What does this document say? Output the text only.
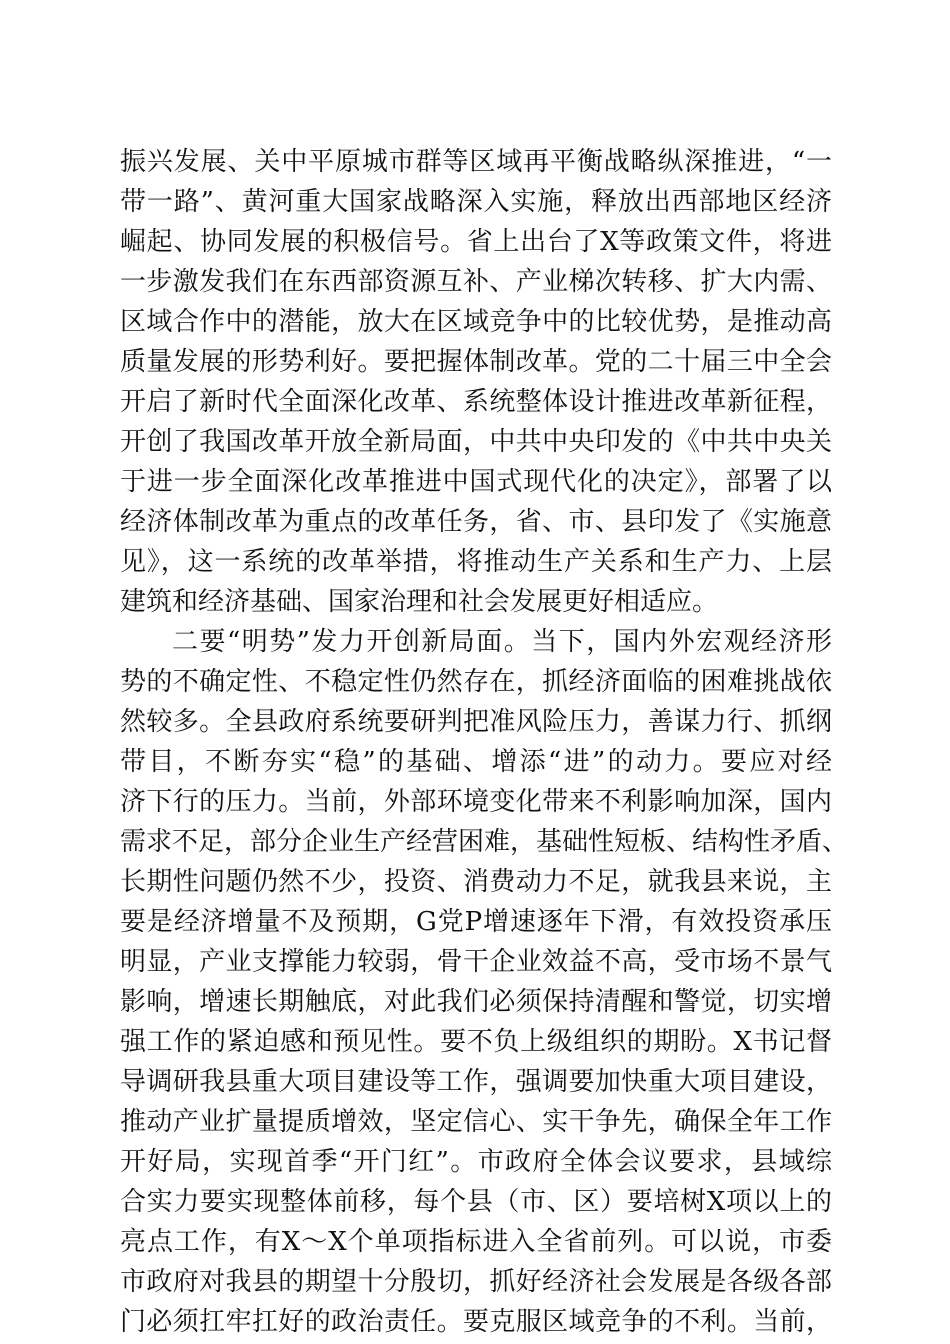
振兴发展、关中平原城市群等区域再平衡战略纵深推进，“一
带一路”、黄河重大国家战略深入实施，释放出西部地区经济
崛起、协同发展的积极信号。省上出台了X等政策文件，将进
一步激发我们在东西部资源互补、产业梯次转移、扩大内需、
区域合作中的潜能，放大在区域竞争中的比较优势，是推动高
质量发展的形势利好。要把握体制改革。党的二十届三中全会
开启了新时代全面深化改革、系统整体设计推进改革新征程，
开创了我国改革开放全新局面，中共中央印发的《中共中央关
于进一步全面深化改革推进中国式现代化的决定》，部署了以
经济体制改革为重点的改革任务，省、市、县印发了《实施意
见》，这一系统的改革举措，将推动生产关系和生产力、上层
建筑和经济基础、国家治理和社会发展更好相适应。
二要“明势”发力开创新局面。当下，国内外宏观经济形
势的不确定性、不稳定性仍然存在，抓经济面临的困难挑战依
然较多。全县政府系统要研判把准风险压力，善谋力行、抓纲
带目，不断夯实“稳”的基础、增添“进”的动力。要应对经
济下行的压力。当前，外部环境变化带来不利影响加深，国内
需求不足，部分企业生产经营困难，基础性短板、结构性矛盾、
长期性问题仍然不少，投资、消费动力不足，就我县来说，主
要是经济增量不及预期，G党P增速逐年下滑，有效投资承压
明显，产业支撑能力较弱，骨干企业效益不高，受市场不景气
影响，增速长期触底，对此我们必须保持清醒和警觉，切实增
强工作的紧迫感和预见性。要不负上级组织的期盼。X书记督
导调研我县重大项目建设等工作，强调要加快重大项目建设，
推动产业扩量提质增效，坚定信心、实干争先，确保全年工作
开好局，实现首季“开门红”。市政府全体会议要求，县域综
合实力要实现整体前移，每个县（市、区）要培树X项以上的
亮点工作，有X～X个单项指标进入全省前列。可以说，市委
市政府对我县的期望十分殷切，抓好经济社会发展是各级各部
门必须扛牢扛好的政治责任。要克服区域竞争的不利。当前，
